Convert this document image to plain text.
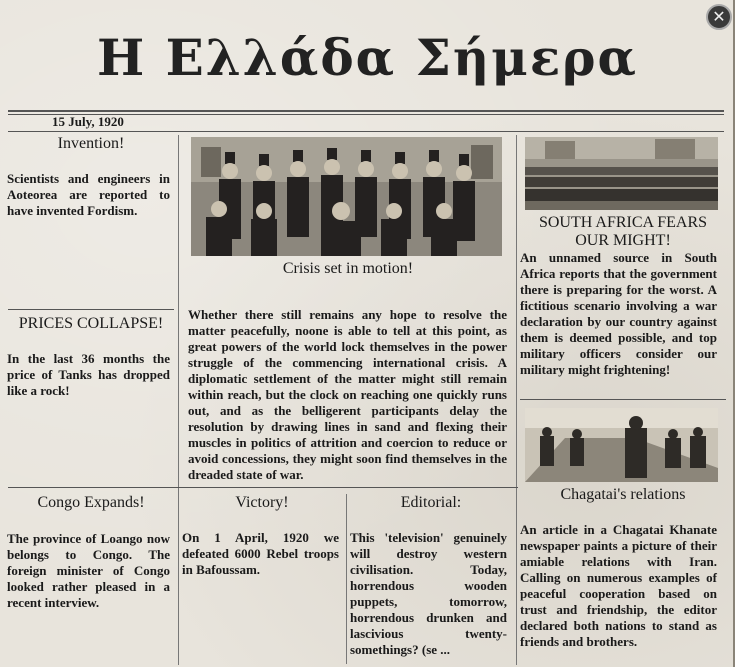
Η Ελλάδα Σήμερα
✕
15 July, 1920
Invention!
Scientists and engineers in Aoteorea are reported to have invented Fordism.
PRICES COLLAPSE!
In the last 36 months the price of Tanks has dropped like a rock!
Congo Expands!
The province of Loango now belongs to Congo. The foreign minister of Congo looked rather pleased in a recent interview.
Crisis set in motion!
Whether there still remains any hope to resolve the matter peacefully, noone is able to tell at this point, as great powers of the world lock themselves in the power struggle of the commencing international crisis. A diplomatic settlement of the matter might still remain within reach, but the clock on reaching one quickly runs out, and as the belligerent participants delay the resolution by drawing lines in sand and flexing their muscles in politics of attrition and coercion to reduce or avoid concessions, they might soon find themselves in the dreaded state of war.
Victory!
On 1 April, 1920 we defeated 6000 Rebel troops in Bafoussam.
Editorial:
This 'television' genuinely will destroy western civilisation. Today, horrendous wooden puppets, tomorrow, horrendous drunken and lascivious twenty-somethings? (se ...
SOUTH AFRICA FEARS OUR MIGHT!
An unnamed source in South Africa reports that the government there is preparing for the worst. A fictitious scenario involving a war declaration by our country against them is deemed possible, and top military officers consider our military might frightening!
Chagatai's relations
An article in a Chagatai Khanate newspaper paints a picture of their amiable relations with Iran. Calling on numerous examples of peaceful cooperation based on trust and friendship, the editor declared both nations to stand as friends and brothers.
